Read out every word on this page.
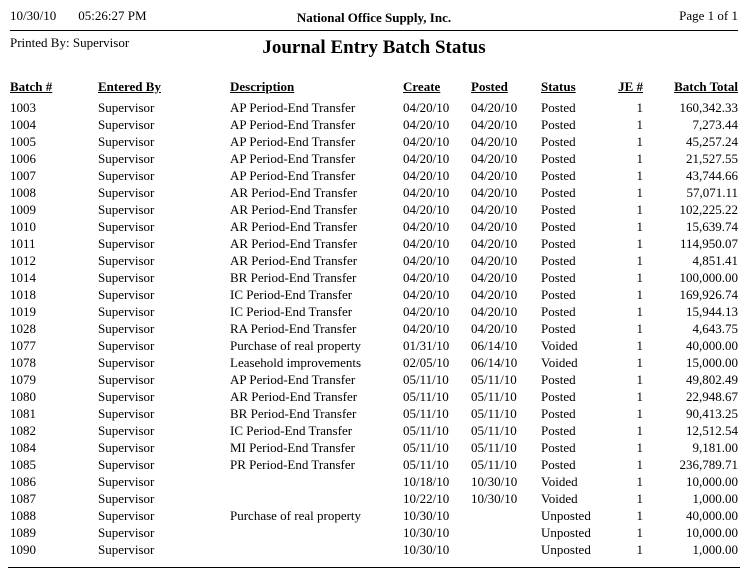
10/30/10 05:26:27 PM	National Office Supply, Inc.	Page 1 of 1
Printed By: Supervisor	Journal Entry Batch Status
Batch #	Entered By	Description	Create	Posted	Status	JE #	Batch Total
1003	Supervisor	AP Period-End Transfer	04/20/10	04/20/10	Posted	1	160,342.33
1004	Supervisor	AP Period-End Transfer	04/20/10	04/20/10	Posted	1	7,273.44
1005	Supervisor	AP Period-End Transfer	04/20/10	04/20/10	Posted	1	45,257.24
1006	Supervisor	AP Period-End Transfer	04/20/10	04/20/10	Posted	1	21,527.55
1007	Supervisor	AP Period-End Transfer	04/20/10	04/20/10	Posted	1	43,744.66
1008	Supervisor	AR Period-End Transfer	04/20/10	04/20/10	Posted	1	57,071.11
1009	Supervisor	AR Period-End Transfer	04/20/10	04/20/10	Posted	1	102,225.22
1010	Supervisor	AR Period-End Transfer	04/20/10	04/20/10	Posted	1	15,639.74
1011	Supervisor	AR Period-End Transfer	04/20/10	04/20/10	Posted	1	114,950.07
1012	Supervisor	AR Period-End Transfer	04/20/10	04/20/10	Posted	1	4,851.41
1014	Supervisor	BR Period-End Transfer	04/20/10	04/20/10	Posted	1	100,000.00
1018	Supervisor	IC Period-End Transfer	04/20/10	04/20/10	Posted	1	169,926.74
1019	Supervisor	IC Period-End Transfer	04/20/10	04/20/10	Posted	1	15,944.13
1028	Supervisor	RA Period-End Transfer	04/20/10	04/20/10	Posted	1	4,643.75
1077	Supervisor	Purchase of real property	01/31/10	06/14/10	Voided	1	40,000.00
1078	Supervisor	Leasehold improvements	02/05/10	06/14/10	Voided	1	15,000.00
1079	Supervisor	AP Period-End Transfer	05/11/10	05/11/10	Posted	1	49,802.49
1080	Supervisor	AR Period-End Transfer	05/11/10	05/11/10	Posted	1	22,948.67
1081	Supervisor	BR Period-End Transfer	05/11/10	05/11/10	Posted	1	90,413.25
1082	Supervisor	IC Period-End Transfer	05/11/10	05/11/10	Posted	1	12,512.54
1084	Supervisor	MI Period-End Transfer	05/11/10	05/11/10	Posted	1	9,181.00
1085	Supervisor	PR Period-End Transfer	05/11/10	05/11/10	Posted	1	236,789.71
1086	Supervisor		10/18/10	10/30/10	Voided	1	10,000.00
1087	Supervisor		10/22/10	10/30/10	Voided	1	1,000.00
1088	Supervisor	Purchase of real property	10/30/10		Unposted	1	40,000.00
1089	Supervisor		10/30/10		Unposted	1	10,000.00
1090	Supervisor		10/30/10		Unposted	1	1,000.00
